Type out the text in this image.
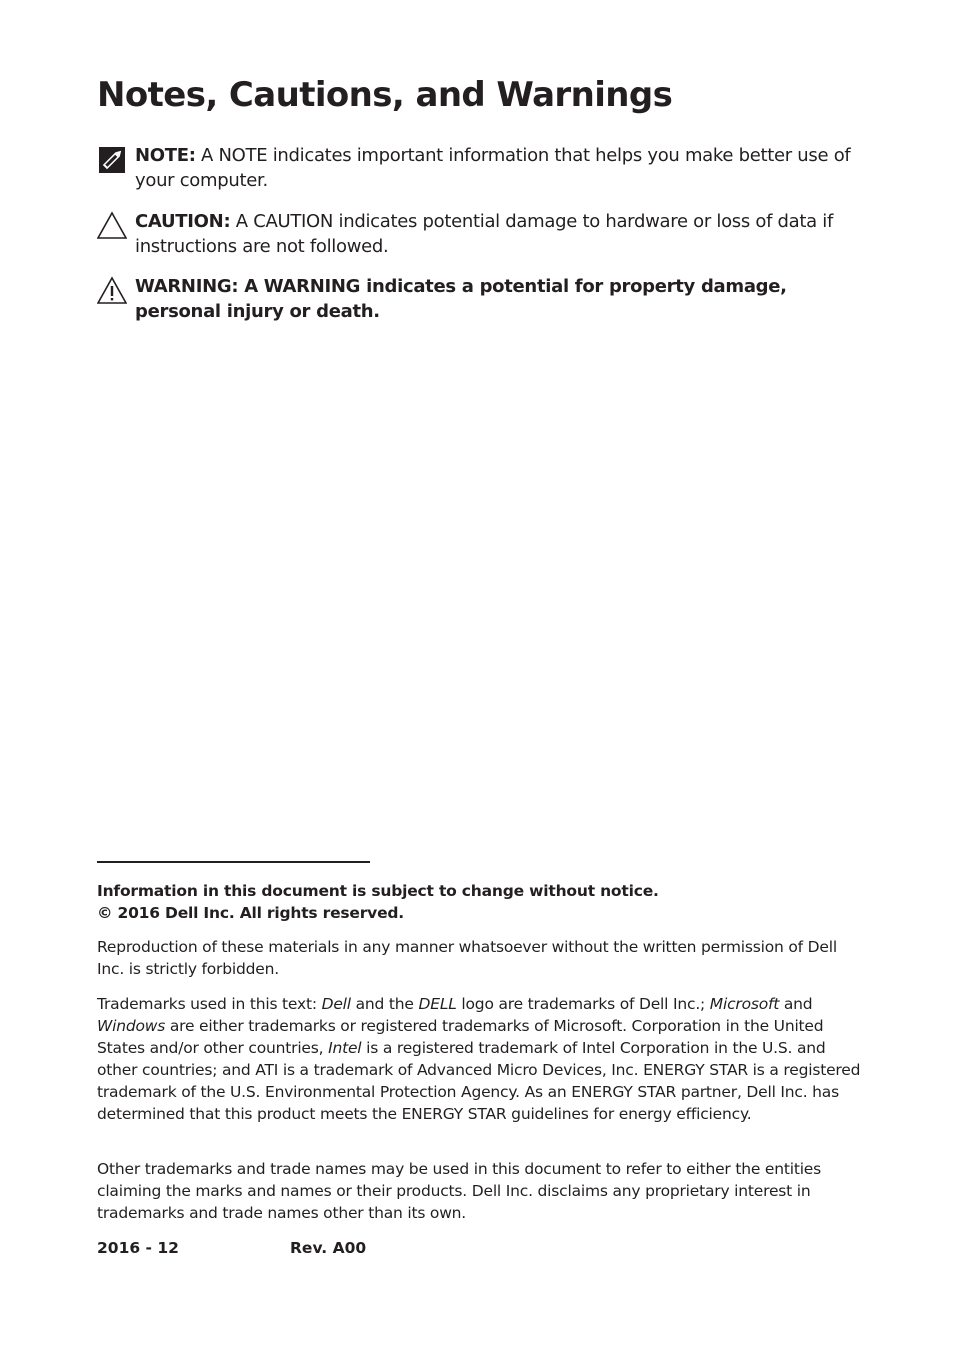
Notes, Cautions, and Warnings
NOTE: A NOTE indicates important information that helps you make better use of your computer.
CAUTION: A CAUTION indicates potential damage to hardware or loss of data if instructions are not followed.
WARNING: A WARNING indicates a potential for property damage, personal injury or death.

Information in this document is subject to change without notice.
© 2016 Dell Inc. All rights reserved.

Reproduction of these materials in any manner whatsoever without the written permission of Dell Inc. is strictly forbidden.

Trademarks used in this text: Dell and the DELL logo are trademarks of Dell Inc.; Microsoft and Windows are either trademarks or registered trademarks of Microsoft. Corporation in the United States and/or other countries, Intel is a registered trademark of Intel Corporation in the U.S. and other countries; and ATI is a trademark of Advanced Micro Devices, Inc. ENERGY STAR is a registered trademark of the U.S. Environmental Protection Agency. As an ENERGY STAR partner, Dell Inc. has determined that this product meets the ENERGY STAR guidelines for energy efficiency.

Other trademarks and trade names may be used in this document to refer to either the entities claiming the marks and names or their products. Dell Inc. disclaims any proprietary interest in trademarks and trade names other than its own.

2016 - 12	Rev. A00
